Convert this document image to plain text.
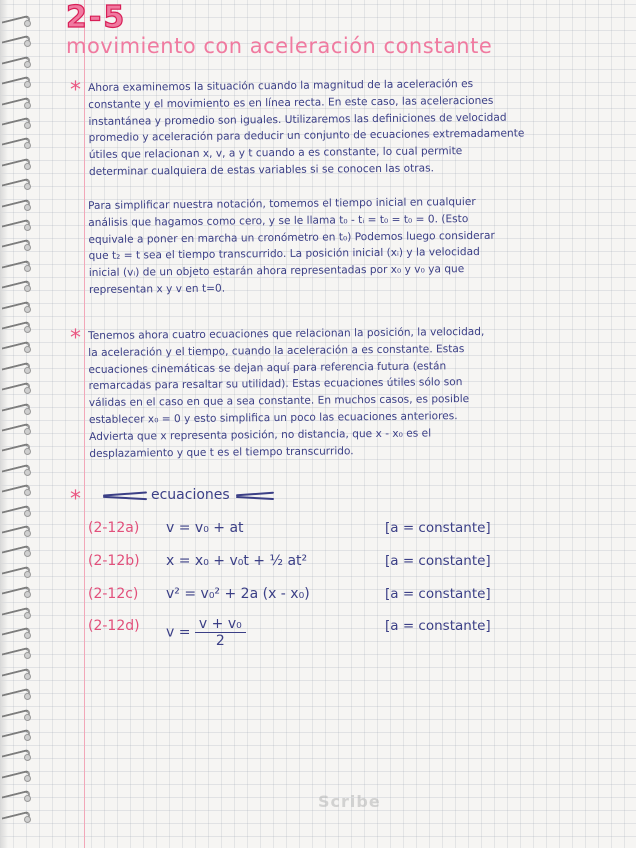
2-5
movimiento con aceleración constante
* Ahora examinemos la situación cuando la magnitud de la aceleración es
constante y el movimiento es en línea recta. En este caso, las aceleraciones
instantánea y promedio son iguales. Utilizaremos las definiciones de velocidad
promedio y aceleración para deducir un conjunto de ecuaciones extremadamente
útiles que relacionan x, v, a y t cuando a es constante, lo cual permite
determinar cualquiera de estas variables si se conocen las otras.
Para simplificar nuestra notación, tomemos el tiempo inicial en cualquier
análisis que hagamos como cero, y se le llama t₀ - tᵢ = t₀ = t₀ = 0. (Esto
equivale a poner en marcha un cronómetro en t₀) Podemos luego considerar
que t₂ = t sea el tiempo transcurrido. La posición inicial (xᵢ) y la velocidad
inicial (vᵢ) de un objeto estarán ahora representadas por x₀ y v₀ ya que
representan x y v en t=0.
* Tenemos ahora cuatro ecuaciones que relacionan la posición, la velocidad,
la aceleración y el tiempo, cuando la aceleración a es constante. Estas
ecuaciones cinemáticas se dejan aquí para referencia futura (están
remarcadas para resaltar su utilidad). Estas ecuaciones útiles sólo son
válidas en el caso en que a sea constante. En muchos casos, es posible
establecer x₀ = 0 y esto simplifica un poco las ecuaciones anteriores.
Advierta que x representa posición, no distancia, que x - x₀ es el
desplazamiento y que t es el tiempo transcurrido.
*	ecuaciones
(2-12a) v = v₀ + at	[a = constante]
(2-12b) x = x₀ + v₀t + ½ at²	[a = constante]
(2-12c) v² = v₀² + 2a (x - x₀)	[a = constante]
(2-12d) $v = \frac{\text{v + v₀}}{2}$	[a = constante]
Scribe
